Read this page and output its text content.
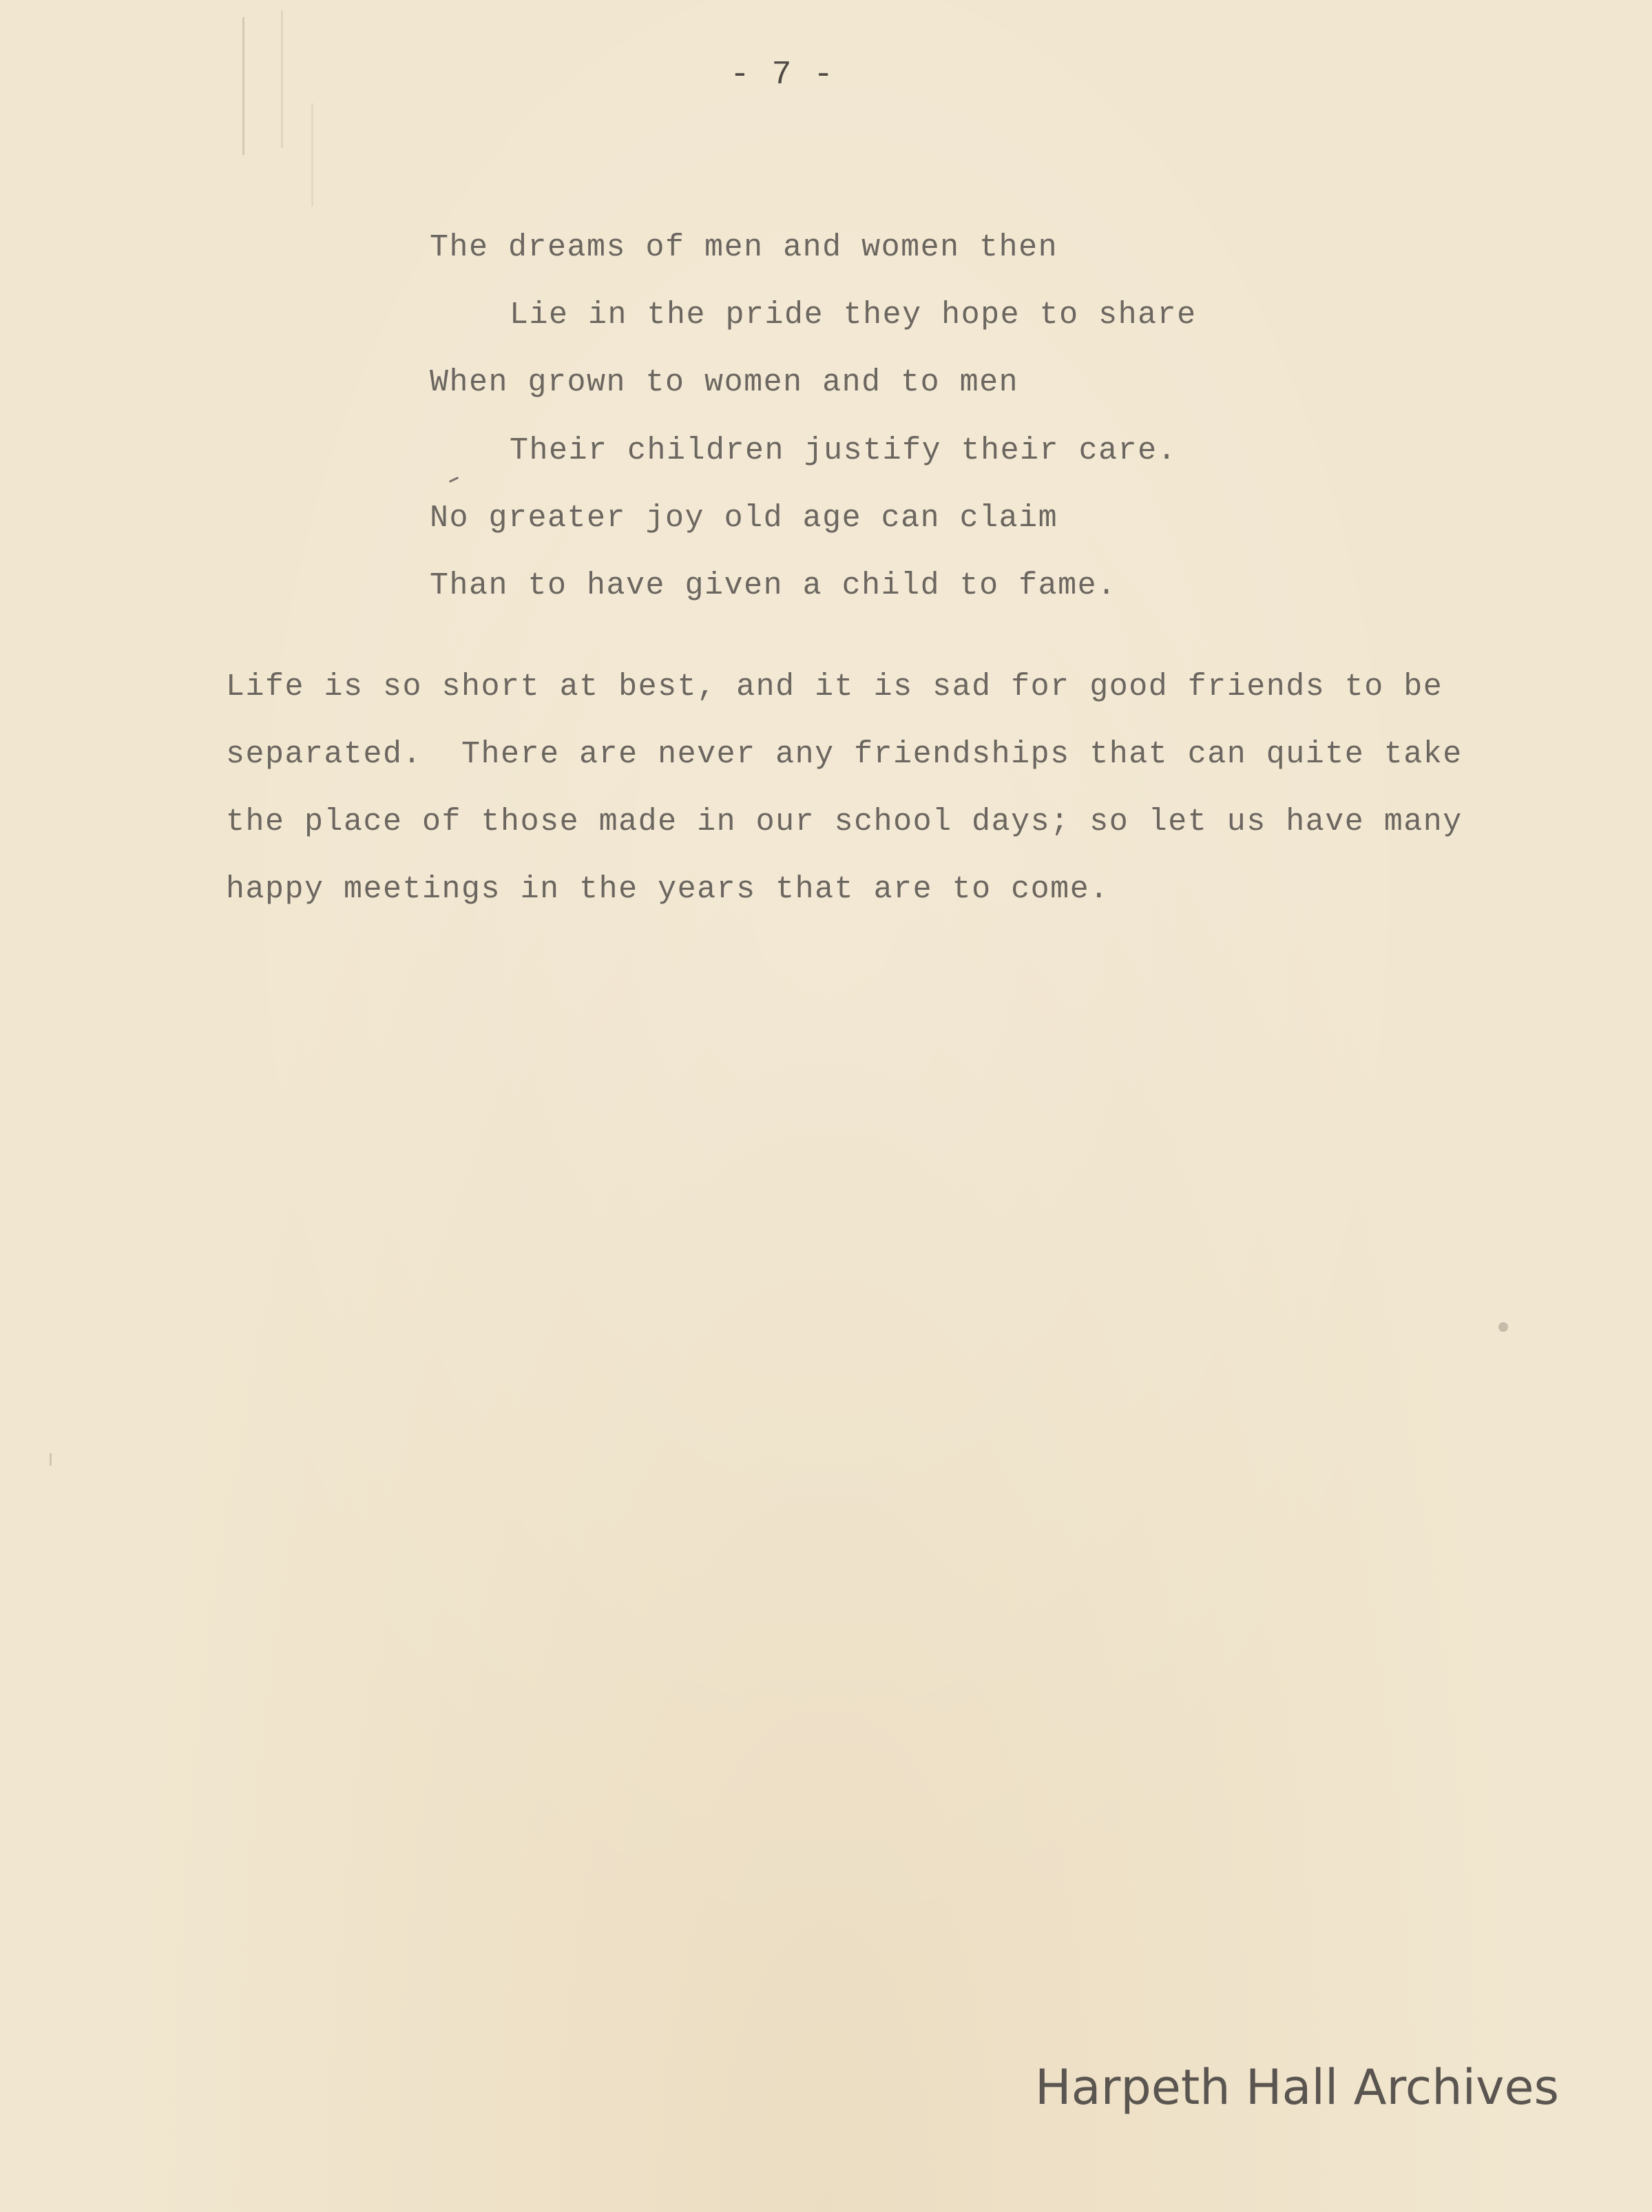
- 7 -
The dreams of men and women then
Lie in the pride they hope to share
When grown to women and to men
Their children justify their care.
No greater joy old age can claim
Than to have given a child to fame.
Life is so short at best, and it is sad for good friends to be
separated.  There are never any friendships that can quite take
the place of those made in our school days; so let us have many
happy meetings in the years that are to come.
Harpeth Hall Archives
